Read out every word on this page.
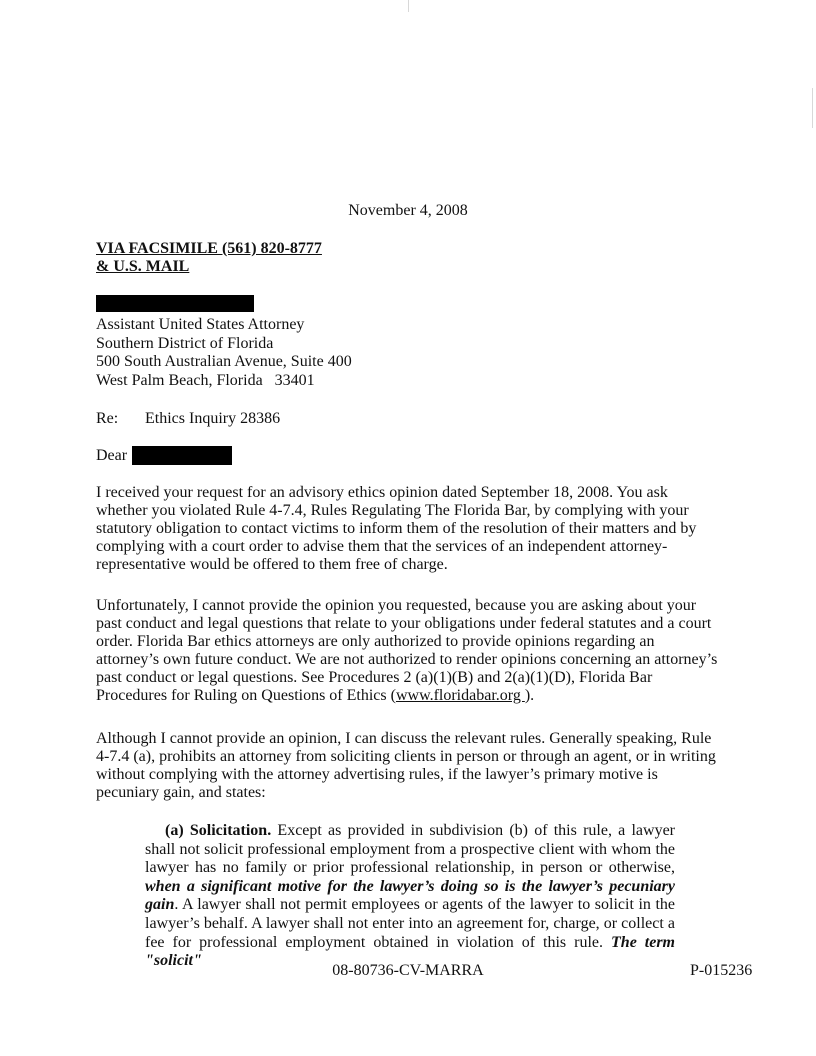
November 4, 2008
VIA FACSIMILE (561) 820-8777
& U.S. MAIL
Assistant United States Attorney
Southern District of Florida
500 South Australian Avenue, Suite 400
West Palm Beach, Florida   33401
Re: Ethics Inquiry 28386
Dear

I received your request for an advisory ethics opinion dated September 18, 2008. You ask whether you violated Rule 4-7.4, Rules Regulating The Florida Bar, by complying with your statutory obligation to contact victims to inform them of the resolution of their matters and by complying with a court order to advise them that the services of an independent attorney-representative would be offered to them free of charge.

Unfortunately, I cannot provide the opinion you requested, because you are asking about your past conduct and legal questions that relate to your obligations under federal statutes and a court order. Florida Bar ethics attorneys are only authorized to provide opinions regarding an attorney’s own future conduct. We are not authorized to render opinions concerning an attorney’s past conduct or legal questions. See Procedures 2 (a)(1)(B) and 2(a)(1)(D), Florida Bar Procedures for Ruling on Questions of Ethics (www.floridabar.org ).

Although I cannot provide an opinion, I can discuss the relevant rules. Generally speaking, Rule 4-7.4 (a), prohibits an attorney from soliciting clients in person or through an agent, or in writing without complying with the attorney advertising rules, if the lawyer’s primary motive is pecuniary gain, and states:

(a) Solicitation. Except as provided in subdivision (b) of this rule, a lawyer shall not solicit professional employment from a prospective client with whom the lawyer has no family or prior professional relationship, in person or otherwise, when a significant motive for the lawyer’s doing so is the lawyer’s pecuniary gain. A lawyer shall not permit employees or agents of the lawyer to solicit in the lawyer’s behalf. A lawyer shall not enter into an agreement for, charge, or collect a fee for professional employment obtained in violation of this rule. The term "solicit"
08-80736-CV-MARRA	P-015236
